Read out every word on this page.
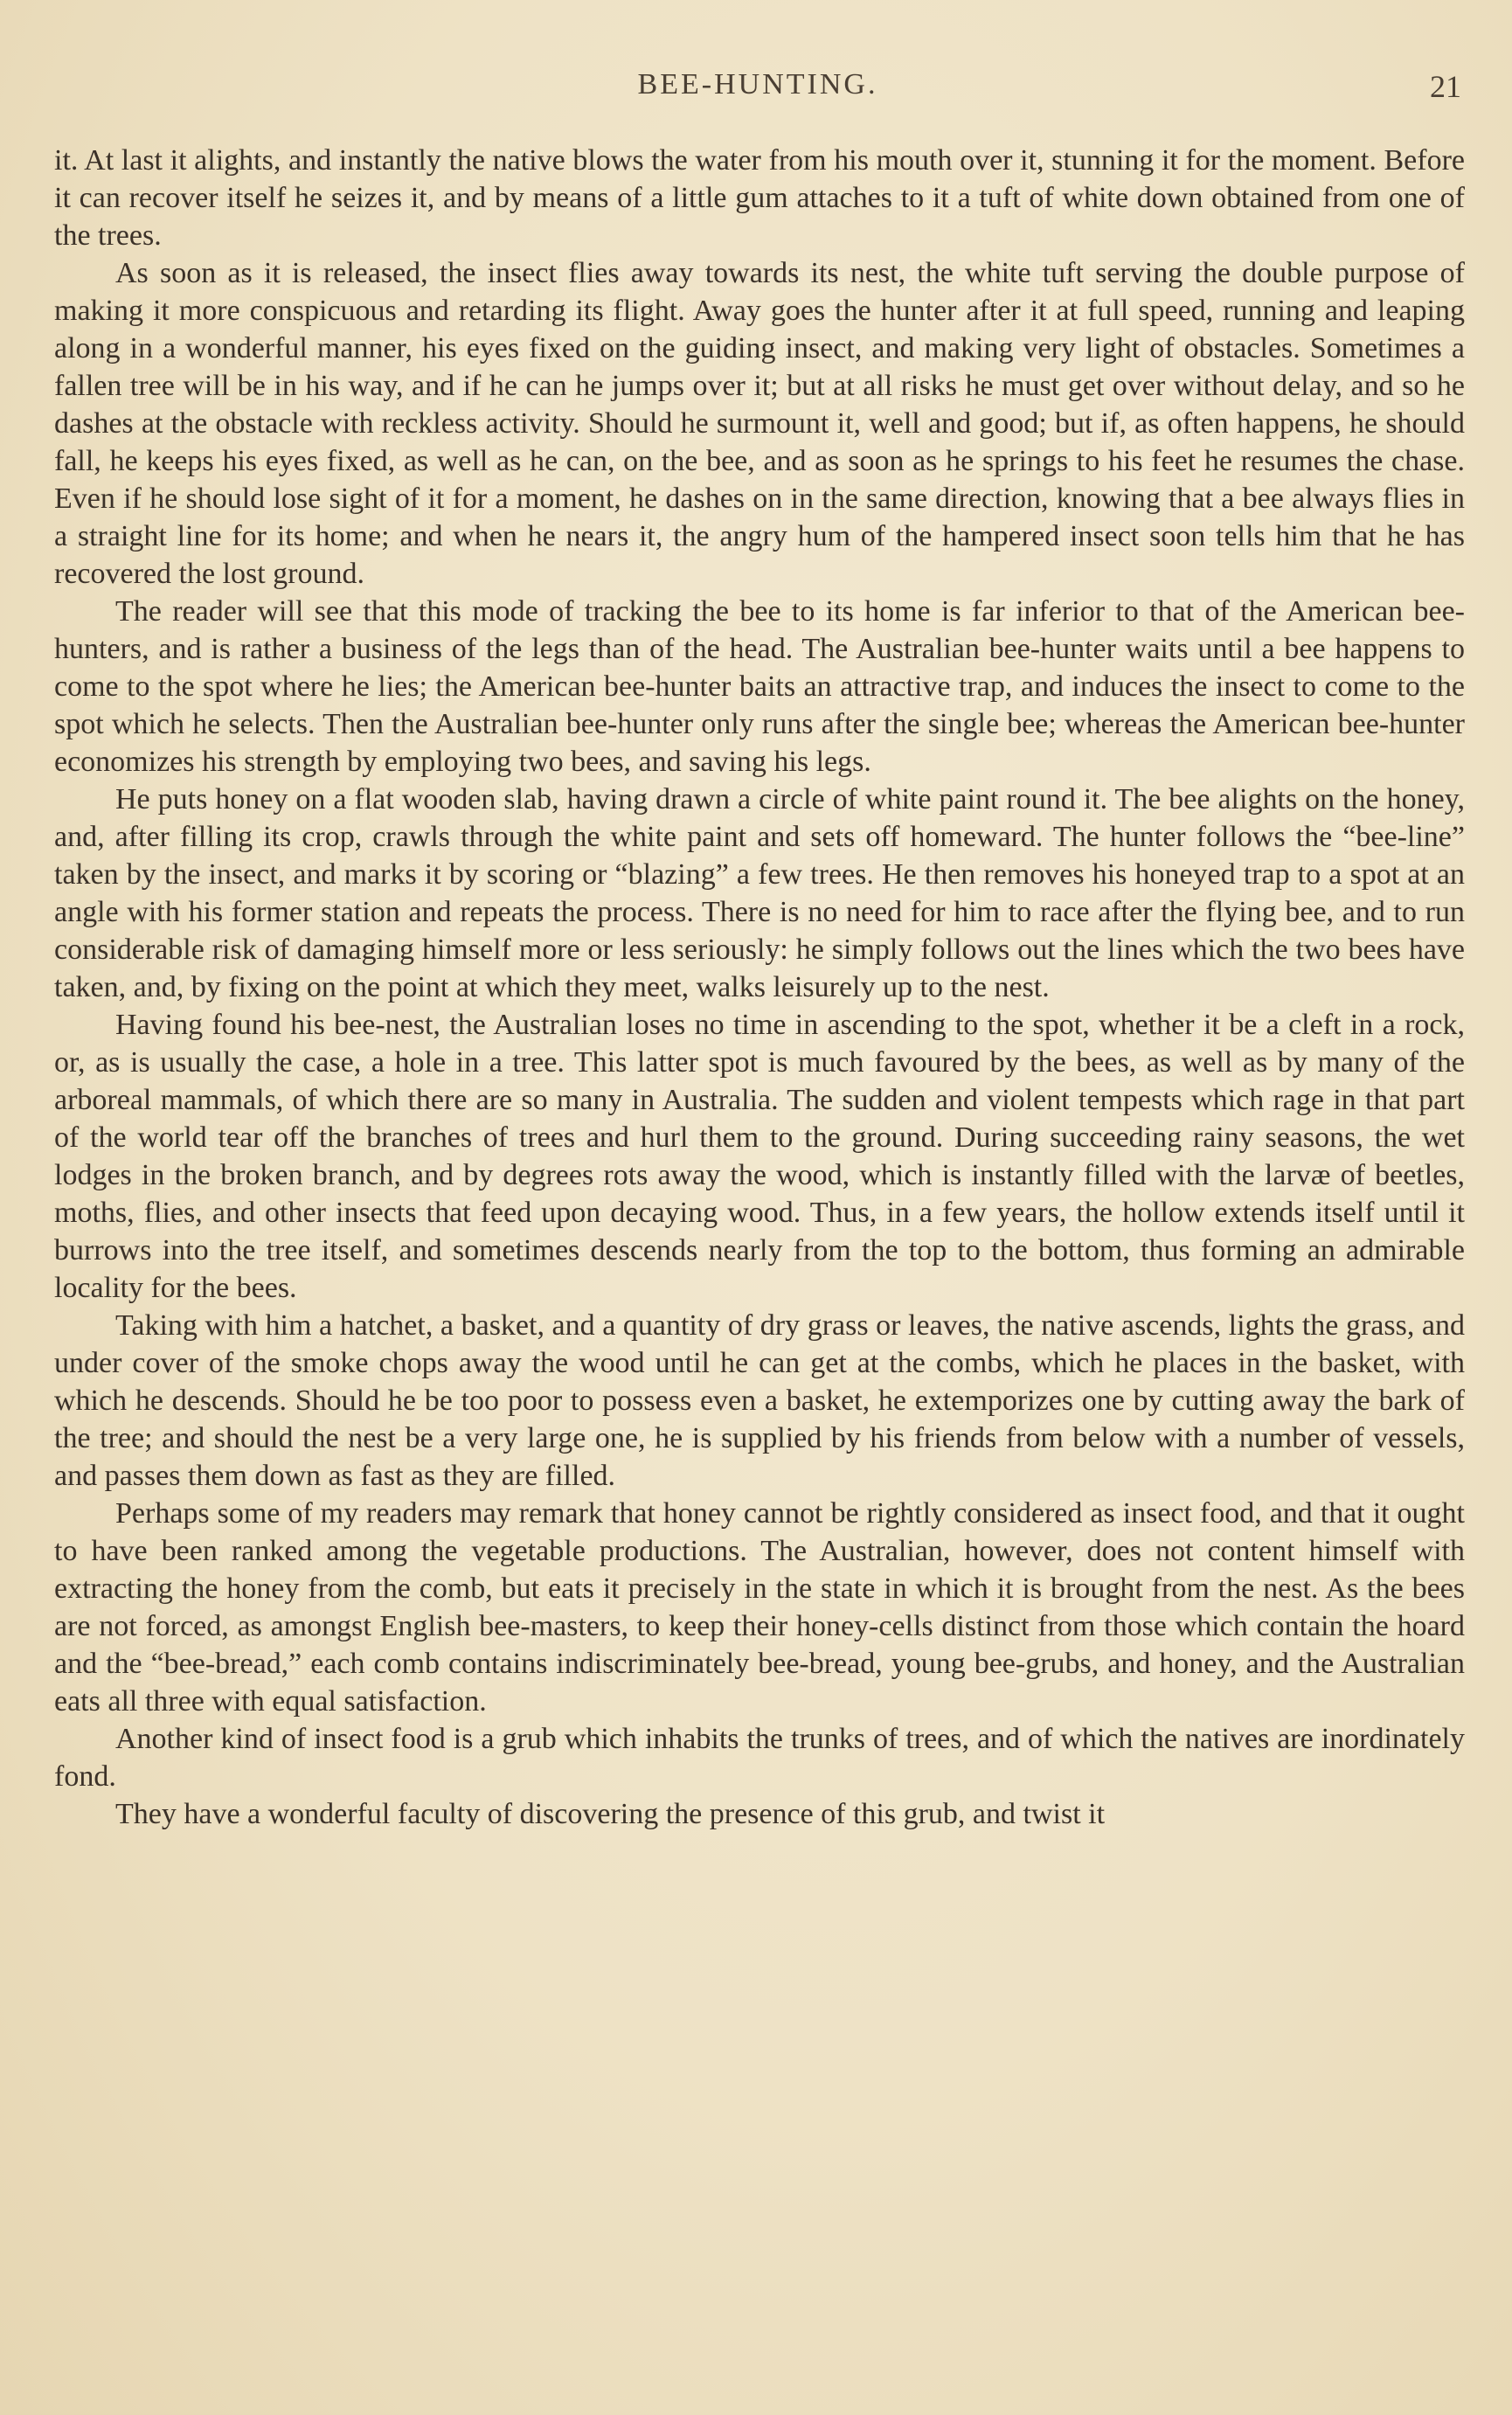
BEE-HUNTING.	21

it. At last it alights, and instantly the native blows the water from his mouth over it, stunning it for the moment. Before it can recover itself he seizes it, and by means of a little gum attaches to it a tuft of white down obtained from one of the trees.

As soon as it is released, the insect flies away towards its nest, the white tuft serving the double purpose of making it more conspicuous and retarding its flight. Away goes the hunter after it at full speed, running and leaping along in a wonderful manner, his eyes fixed on the guiding insect, and making very light of obstacles. Sometimes a fallen tree will be in his way, and if he can he jumps over it; but at all risks he must get over without delay, and so he dashes at the obstacle with reckless activity. Should he surmount it, well and good; but if, as often happens, he should fall, he keeps his eyes fixed, as well as he can, on the bee, and as soon as he springs to his feet he resumes the chase. Even if he should lose sight of it for a moment, he dashes on in the same direction, knowing that a bee always flies in a straight line for its home; and when he nears it, the angry hum of the hampered insect soon tells him that he has recovered the lost ground.

The reader will see that this mode of tracking the bee to its home is far inferior to that of the American bee-hunters, and is rather a business of the legs than of the head. The Australian bee-hunter waits until a bee happens to come to the spot where he lies; the American bee-hunter baits an attractive trap, and induces the insect to come to the spot which he selects. Then the Australian bee-hunter only runs after the single bee; whereas the American bee-hunter economizes his strength by employing two bees, and saving his legs.

He puts honey on a flat wooden slab, having drawn a circle of white paint round it. The bee alights on the honey, and, after filling its crop, crawls through the white paint and sets off homeward. The hunter follows the “bee-line” taken by the insect, and marks it by scoring or “blazing” a few trees. He then removes his honeyed trap to a spot at an angle with his former station and repeats the process. There is no need for him to race after the flying bee, and to run considerable risk of damaging himself more or less seriously: he simply follows out the lines which the two bees have taken, and, by fixing on the point at which they meet, walks leisurely up to the nest.

Having found his bee-nest, the Australian loses no time in ascending to the spot, whether it be a cleft in a rock, or, as is usually the case, a hole in a tree. This latter spot is much favoured by the bees, as well as by many of the arboreal mammals, of which there are so many in Australia. The sudden and violent tempests which rage in that part of the world tear off the branches of trees and hurl them to the ground. During succeeding rainy seasons, the wet lodges in the broken branch, and by degrees rots away the wood, which is instantly filled with the larvæ of beetles, moths, flies, and other insects that feed upon decaying wood. Thus, in a few years, the hollow extends itself until it burrows into the tree itself, and sometimes descends nearly from the top to the bottom, thus forming an admirable locality for the bees.

Taking with him a hatchet, a basket, and a quantity of dry grass or leaves, the native ascends, lights the grass, and under cover of the smoke chops away the wood until he can get at the combs, which he places in the basket, with which he descends. Should he be too poor to possess even a basket, he extemporizes one by cutting away the bark of the tree; and should the nest be a very large one, he is supplied by his friends from below with a number of vessels, and passes them down as fast as they are filled.

Perhaps some of my readers may remark that honey cannot be rightly considered as insect food, and that it ought to have been ranked among the vegetable productions. The Australian, however, does not content himself with extracting the honey from the comb, but eats it precisely in the state in which it is brought from the nest. As the bees are not forced, as amongst English bee-masters, to keep their honey-cells distinct from those which contain the hoard and the “bee-bread,” each comb contains indiscriminately bee-bread, young bee-grubs, and honey, and the Australian eats all three with equal satisfaction.

Another kind of insect food is a grub which inhabits the trunks of trees, and of which the natives are inordinately fond.

They have a wonderful faculty of discovering the presence of this grub, and twist it
